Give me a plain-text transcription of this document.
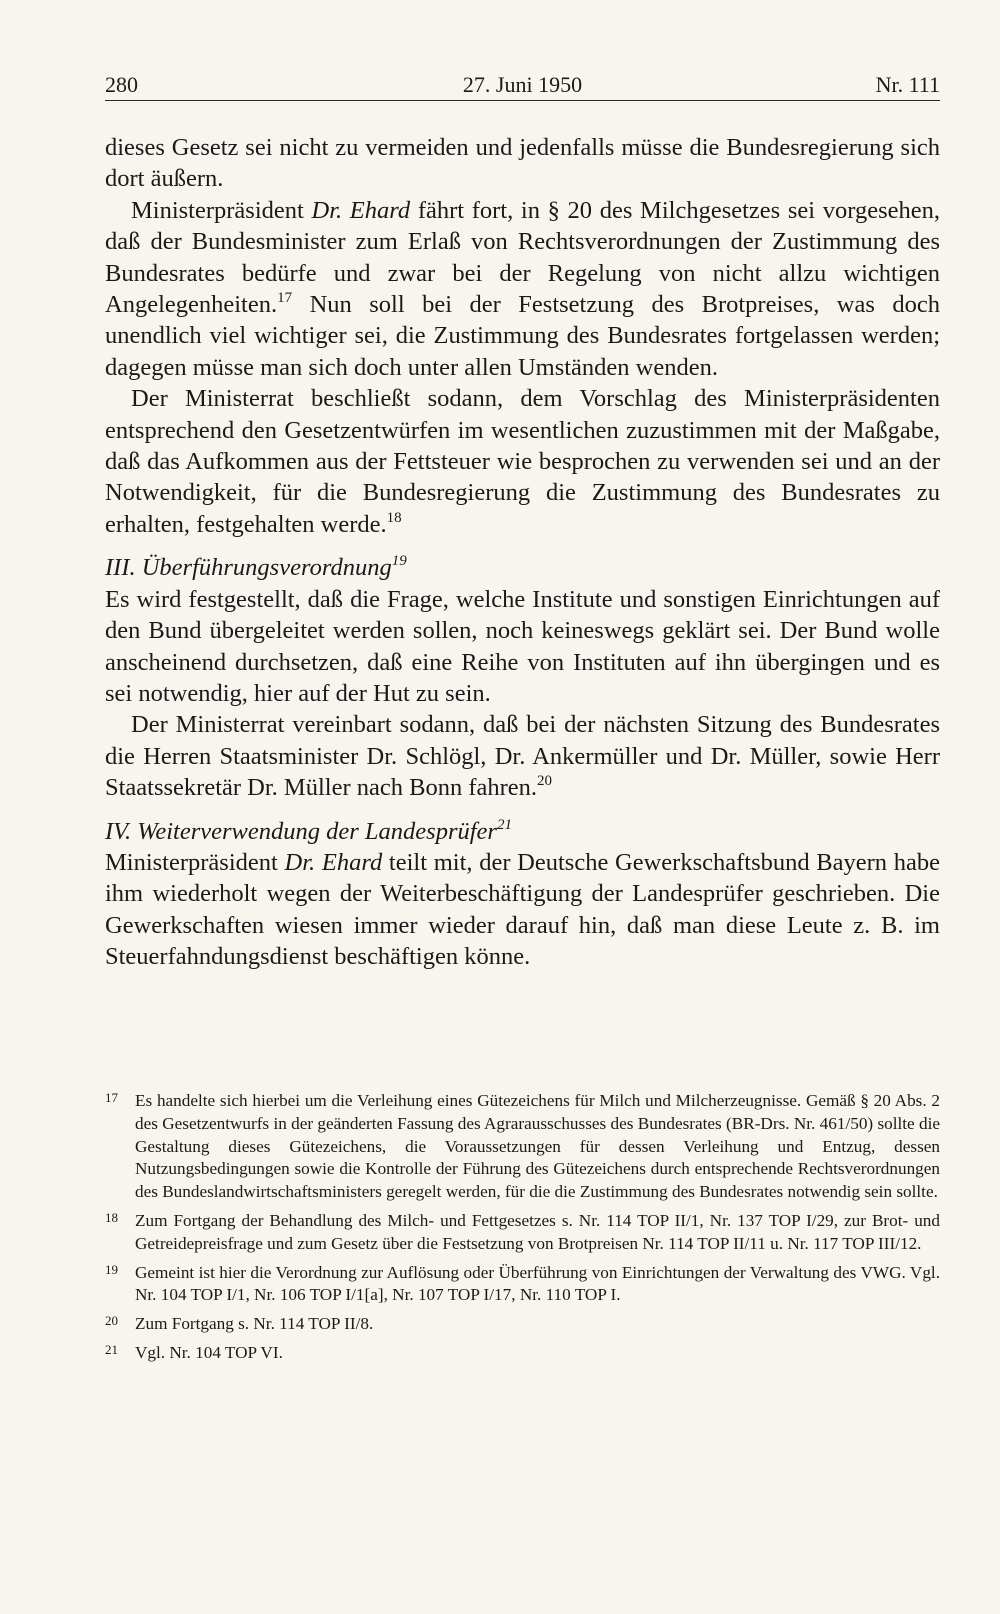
280	27. Juni 1950	Nr. 111

dieses Gesetz sei nicht zu vermeiden und jedenfalls müsse die Bundesregierung sich dort äußern.

Ministerpräsident Dr. Ehard fährt fort, in § 20 des Milchgesetzes sei vorgesehen, daß der Bundesminister zum Erlaß von Rechtsverordnungen der Zustimmung des Bundesrates bedürfe und zwar bei der Regelung von nicht allzu wichtigen Angelegenheiten.$^{17}$ Nun soll bei der Festsetzung des Brotpreises, was doch unendlich viel wichtiger sei, die Zustimmung des Bundesrates fortgelassen werden; dagegen müsse man sich doch unter allen Umständen wenden.

Der Ministerrat beschließt sodann, dem Vorschlag des Ministerpräsidenten entsprechend den Gesetzentwürfen im wesentlichen zuzustimmen mit der Maßgabe, daß das Aufkommen aus der Fettsteuer wie besprochen zu verwenden sei und an der Notwendigkeit, für die Bundesregierung die Zustimmung des Bundesrates zu erhalten, festgehalten werde.$^{18}$

III. Überführungsverordnung$^{19}$

Es wird festgestellt, daß die Frage, welche Institute und sonstigen Einrichtungen auf den Bund übergeleitet werden sollen, noch keineswegs geklärt sei. Der Bund wolle anscheinend durchsetzen, daß eine Reihe von Instituten auf ihn übergingen und es sei notwendig, hier auf der Hut zu sein.

Der Ministerrat vereinbart sodann, daß bei der nächsten Sitzung des Bundesrates die Herren Staatsminister Dr. Schlögl, Dr. Ankermüller und Dr. Müller, sowie Herr Staatssekretär Dr. Müller nach Bonn fahren.$^{20}$

IV. Weiterverwendung der Landesprüfer$^{21}$

Ministerpräsident Dr. Ehard teilt mit, der Deutsche Gewerkschaftsbund Bayern habe ihm wiederholt wegen der Weiterbeschäftigung der Landesprüfer geschrieben. Die Gewerkschaften wiesen immer wieder darauf hin, daß man diese Leute z. B. im Steuerfahndungsdienst beschäftigen könne.

17 Es handelte sich hierbei um die Verleihung eines Gütezeichens für Milch und Milcherzeugnisse. Gemäß § 20 Abs. 2 des Gesetzentwurfs in der geänderten Fassung des Agrarausschusses des Bundesrates (BR-Drs. Nr. 461/50) sollte die Gestaltung dieses Gütezeichens, die Voraussetzungen für dessen Verleihung und Entzug, dessen Nutzungsbedingungen sowie die Kontrolle der Führung des Gütezeichens durch entsprechende Rechtsverordnungen des Bundeslandwirtschaftsministers geregelt werden, für die die Zustimmung des Bundesrates notwendig sein sollte.
18 Zum Fortgang der Behandlung des Milch- und Fettgesetzes s. Nr. 114 TOP II/1, Nr. 137 TOP I/29, zur Brot- und Getreidepreisfrage und zum Gesetz über die Festsetzung von Brotpreisen Nr. 114 TOP II/11 u. Nr. 117 TOP III/12.
19 Gemeint ist hier die Verordnung zur Auflösung oder Überführung von Einrichtungen der Verwaltung des VWG. Vgl. Nr. 104 TOP I/1, Nr. 106 TOP I/1[a], Nr. 107 TOP I/17, Nr. 110 TOP I.
20 Zum Fortgang s. Nr. 114 TOP II/8.
21 Vgl. Nr. 104 TOP VI.
